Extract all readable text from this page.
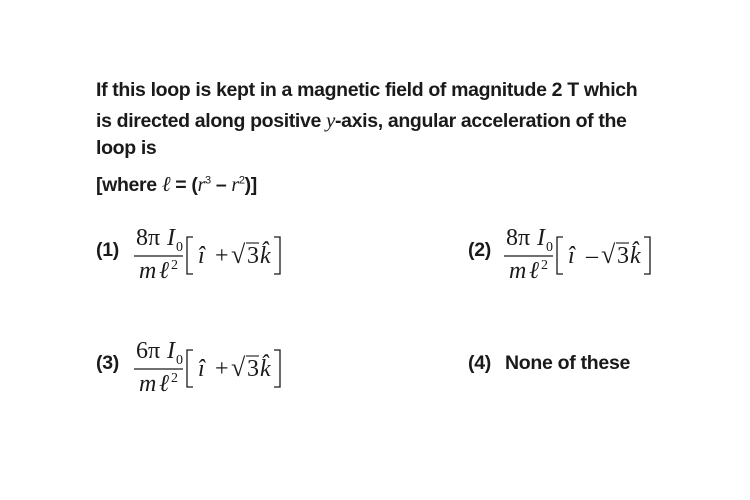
If this loop is kept in a magnetic field of magnitude 2 T which
is directed along positive y-axis, angular acceleration of the
loop is
[where ℓ = $(r^3 - r^2)$]
(1) 8π I 0
m ℓ 2 î + √ 3 k̂	(2) 8π I 0
m ℓ 2 î – √ 3 k̂
(3) 6π I 0
m ℓ 2 î + √ 3 k̂	(4) None of these
